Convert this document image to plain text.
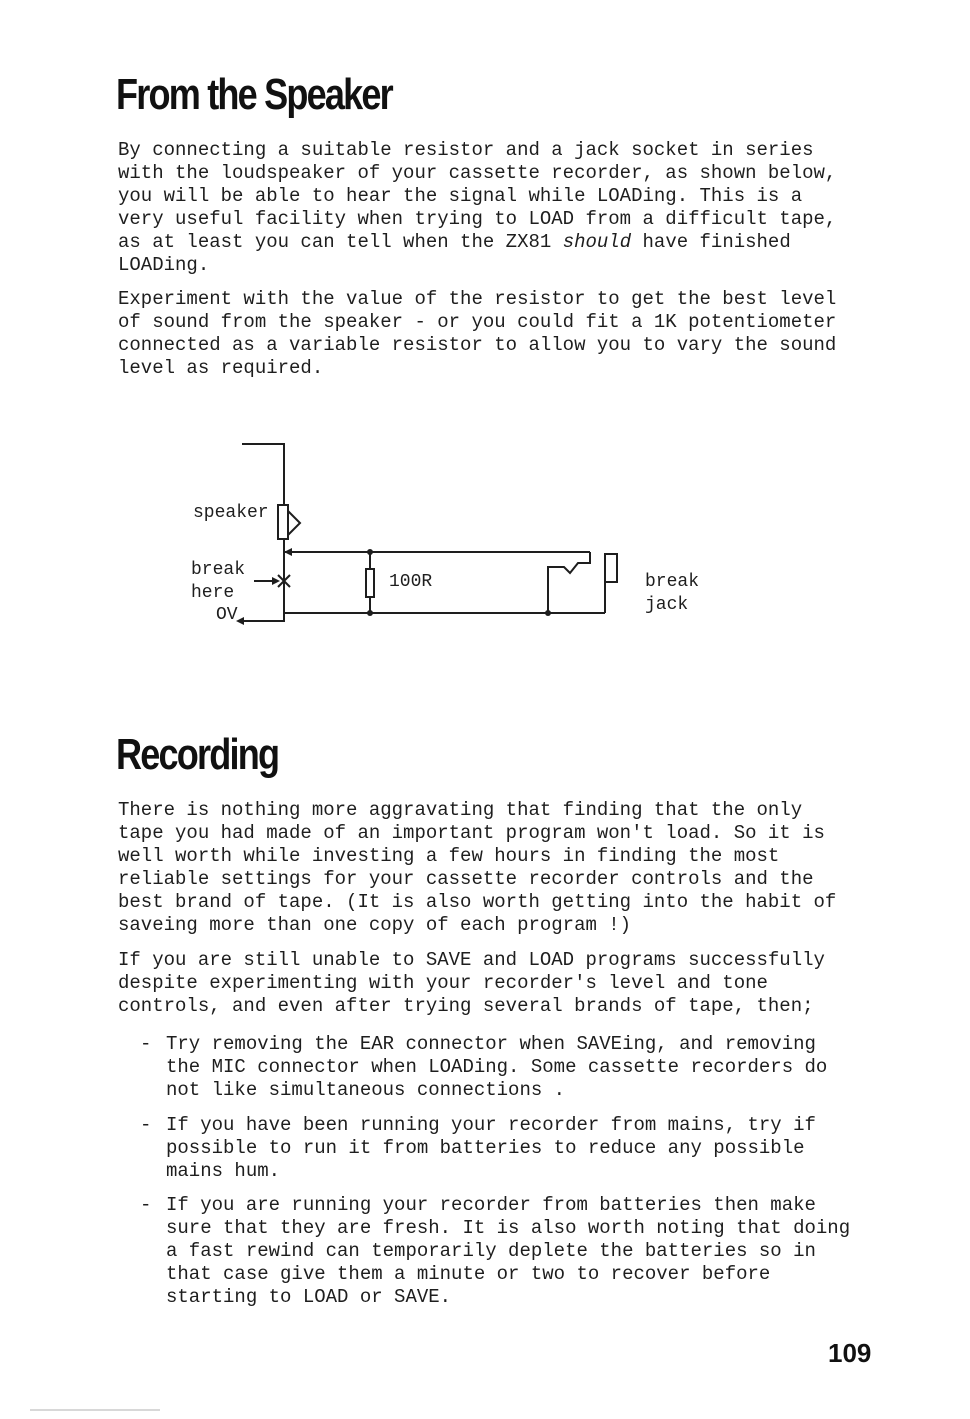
From the Speaker

By connecting a suitable resistor and a jack socket in series
with the loudspeaker of your cassette recorder, as shown below,
you will be able to hear the signal while LOADing. This is a
very useful facility when trying to LOAD from a difficult tape,
as at least you can tell when the ZX81 should have finished
LOADing.

Experiment with the value of the resistor to get the best level
of sound from the speaker - or you could fit a 1K potentiometer
connected as a variable resistor to allow you to vary the sound
level as required.

speaker
break
here
OV
100R	break
jack
Recording

There is nothing more aggravating that finding that the only
tape you had made of an important program won't load. So it is
well worth while investing a few hours in finding the most
reliable settings for your cassette recorder controls and the
best brand of tape. (It is also worth getting into the habit of
saveing more than one copy of each program !)

If you are still unable to SAVE and LOAD programs successfully
despite experimenting with your recorder's level and tone
controls, and even after trying several brands of tape, then;

- Try removing the EAR connector when SAVEing, and removing
the MIC connector when LOADing. Some cassette recorders do
not like simultaneous connections .
- If you have been running your recorder from mains, try if
possible to run it from batteries to reduce any possible
mains hum.
- If you are running your recorder from batteries then make
sure that they are fresh. It is also worth noting that doing
a fast rewind can temporarily deplete the batteries so in
that case give them a minute or two to recover before
starting to LOAD or SAVE.
109
